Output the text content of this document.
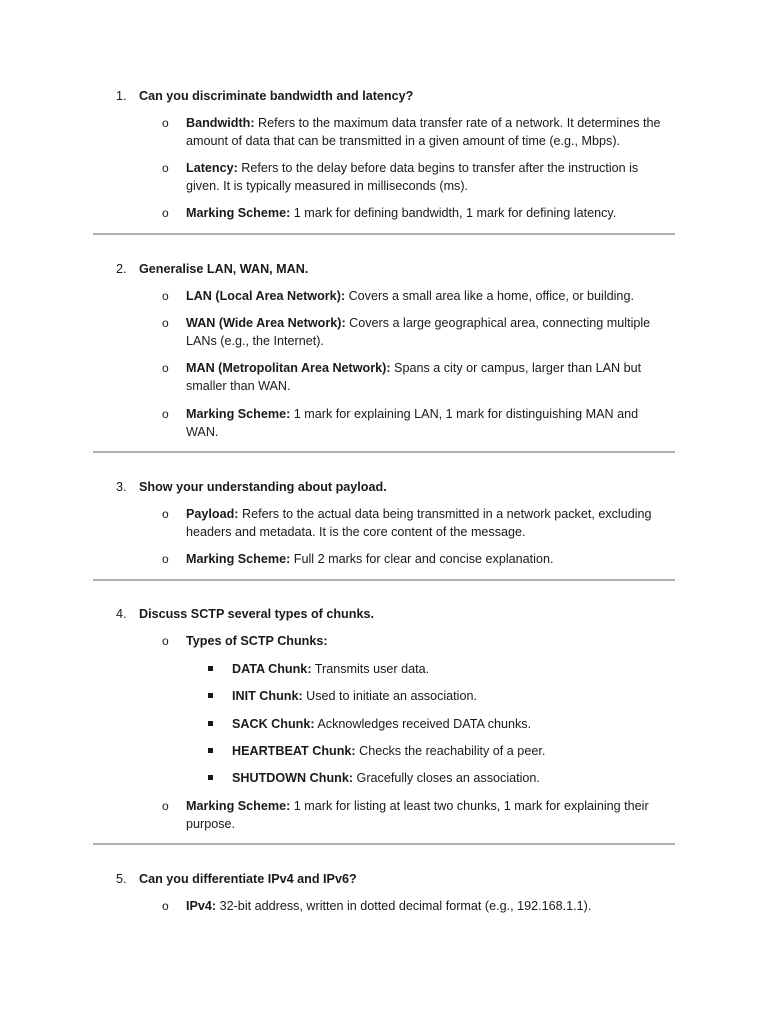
1. Can you discriminate bandwidth and latency?
o Bandwidth: Refers to the maximum data transfer rate of a network. It determines the amount of data that can be transmitted in a given amount of time (e.g., Mbps).
o Latency: Refers to the delay before data begins to transfer after the instruction is given. It is typically measured in milliseconds (ms).
o Marking Scheme: 1 mark for defining bandwidth, 1 mark for defining latency.
2. Generalise LAN, WAN, MAN.
o LAN (Local Area Network): Covers a small area like a home, office, or building.
o WAN (Wide Area Network): Covers a large geographical area, connecting multiple LANs (e.g., the Internet).
o MAN (Metropolitan Area Network): Spans a city or campus, larger than LAN but smaller than WAN.
o Marking Scheme: 1 mark for explaining LAN, 1 mark for distinguishing MAN and WAN.
3. Show your understanding about payload.
o Payload: Refers to the actual data being transmitted in a network packet, excluding headers and metadata. It is the core content of the message.
o Marking Scheme: Full 2 marks for clear and concise explanation.
4. Discuss SCTP several types of chunks.
o Types of SCTP Chunks:
DATA Chunk: Transmits user data.
INIT Chunk: Used to initiate an association.
SACK Chunk: Acknowledges received DATA chunks.
HEARTBEAT Chunk: Checks the reachability of a peer.
SHUTDOWN Chunk: Gracefully closes an association.
o Marking Scheme: 1 mark for listing at least two chunks, 1 mark for explaining their purpose.
5. Can you differentiate IPv4 and IPv6?
o IPv4: 32-bit address, written in dotted decimal format (e.g., 192.168.1.1).
